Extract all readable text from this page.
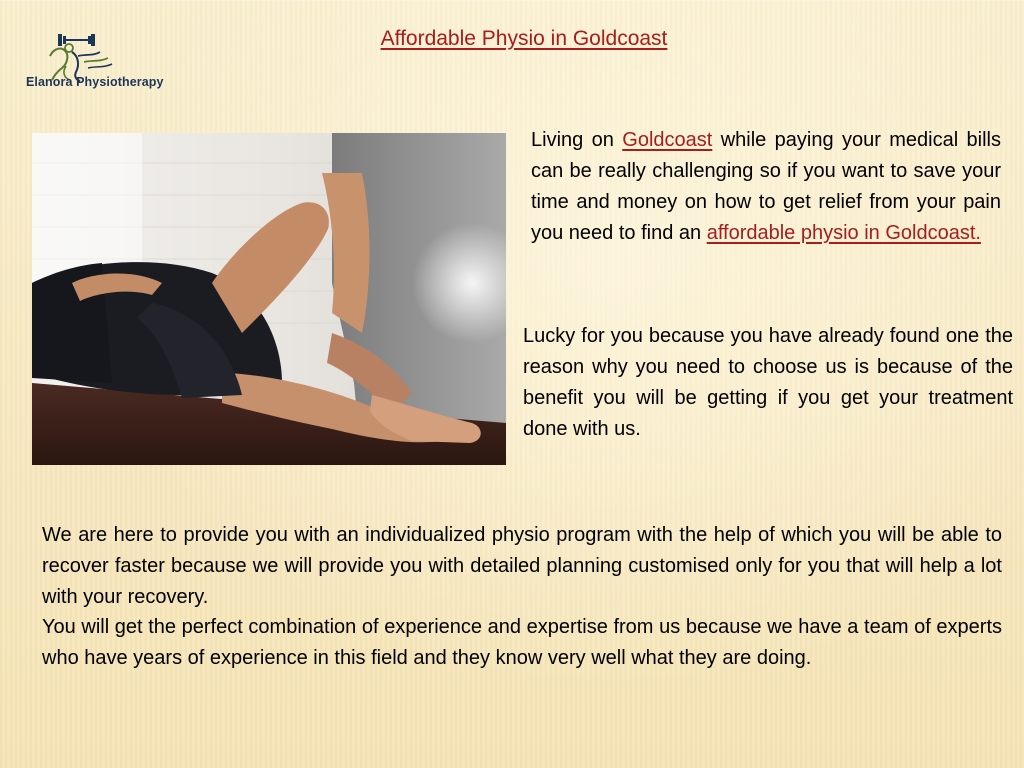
Elanora Physiotherapy
Affordable Physio in Goldcoast

Living on Goldcoast while paying your medical bills can be really challenging so if you want to save your time and money on how to get relief from your pain you need to find an affordable physio in Goldcoast.

Lucky for you because you have already found one the reason why you need to choose us is because of the benefit you will be getting if you get your treatment done with us.

We are here to provide you with an individualized physio program with the help of which you will be able to recover faster because we will provide you with detailed planning customised only for you that will help a lot with your recovery.

You will get the perfect combination of experience and expertise from us because we have a team of experts who have years of experience in this field and they know very well what they are doing.
